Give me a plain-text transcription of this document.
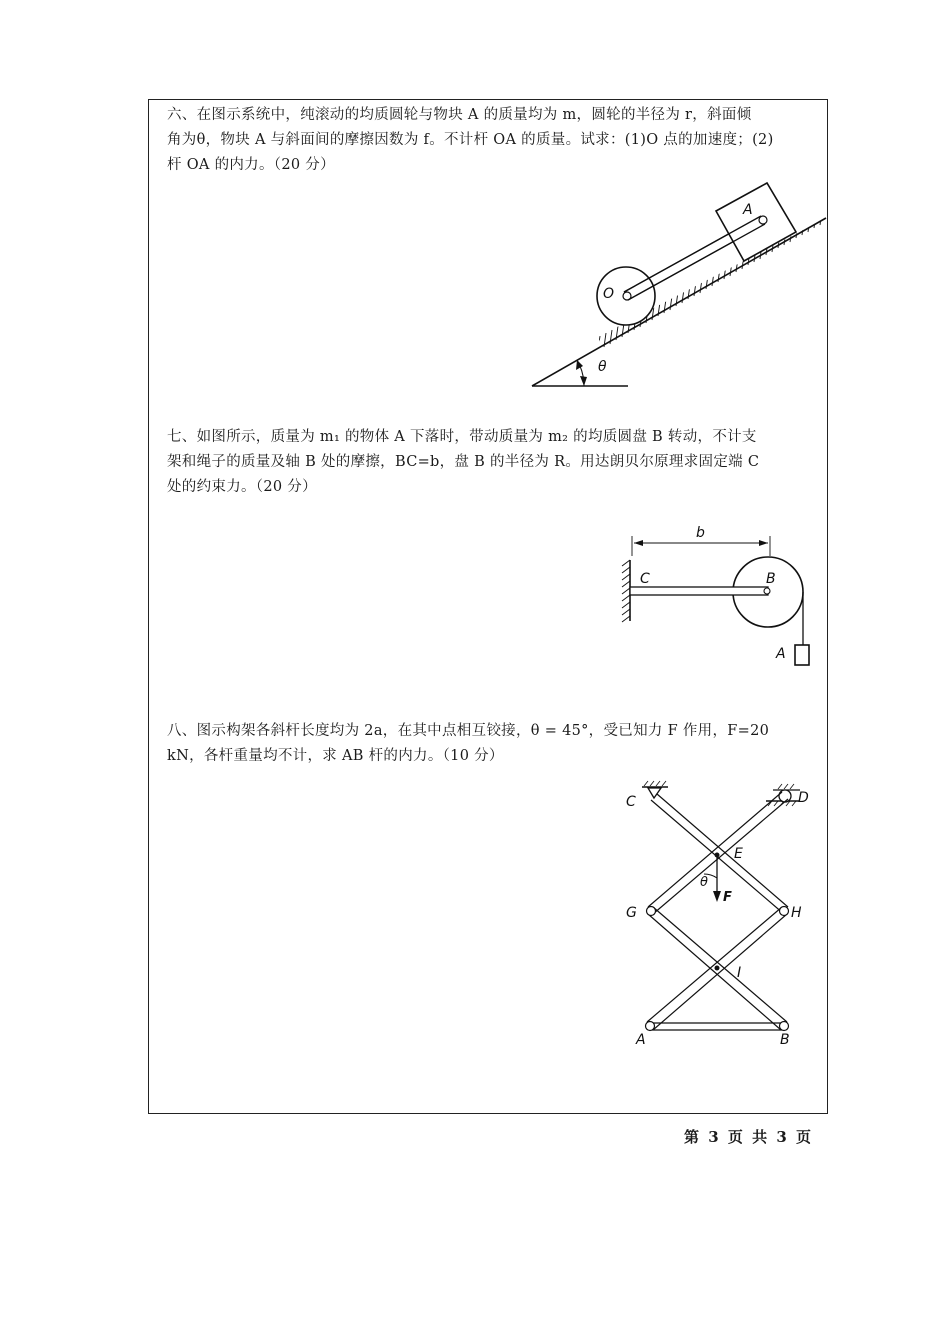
六、在图示系统中，纯滚动的均质圆轮与物块 A 的质量均为 m，圆轮的半径为 r，斜面倾

角为θ，物块 A 与斜面间的摩擦因数为 f。不计杆 OA 的质量。试求：(1)O 点的加速度；(2)

杆 OA 的内力。（20 分）

θ
O
A

七、如图所示，质量为 m₁ 的物体 A 下落时，带动质量为 m₂ 的均质圆盘 B 转动，不计支

架和绳子的质量及轴 B 处的摩擦，BC=b，盘 B 的半径为 R。用达朗贝尔原理求固定端 C

处的约束力。（20 分）

b
C	B
A

八、图示构架各斜杆长度均为 2a，在其中点相互铰接，θ = 45°，受已知力 F 作用，F=20

kN，各杆重量均不计，求 AB 杆的内力。（10 分）

C	D
E
θ
F
G	H
I
A	B
第 3 页 共 3 页
